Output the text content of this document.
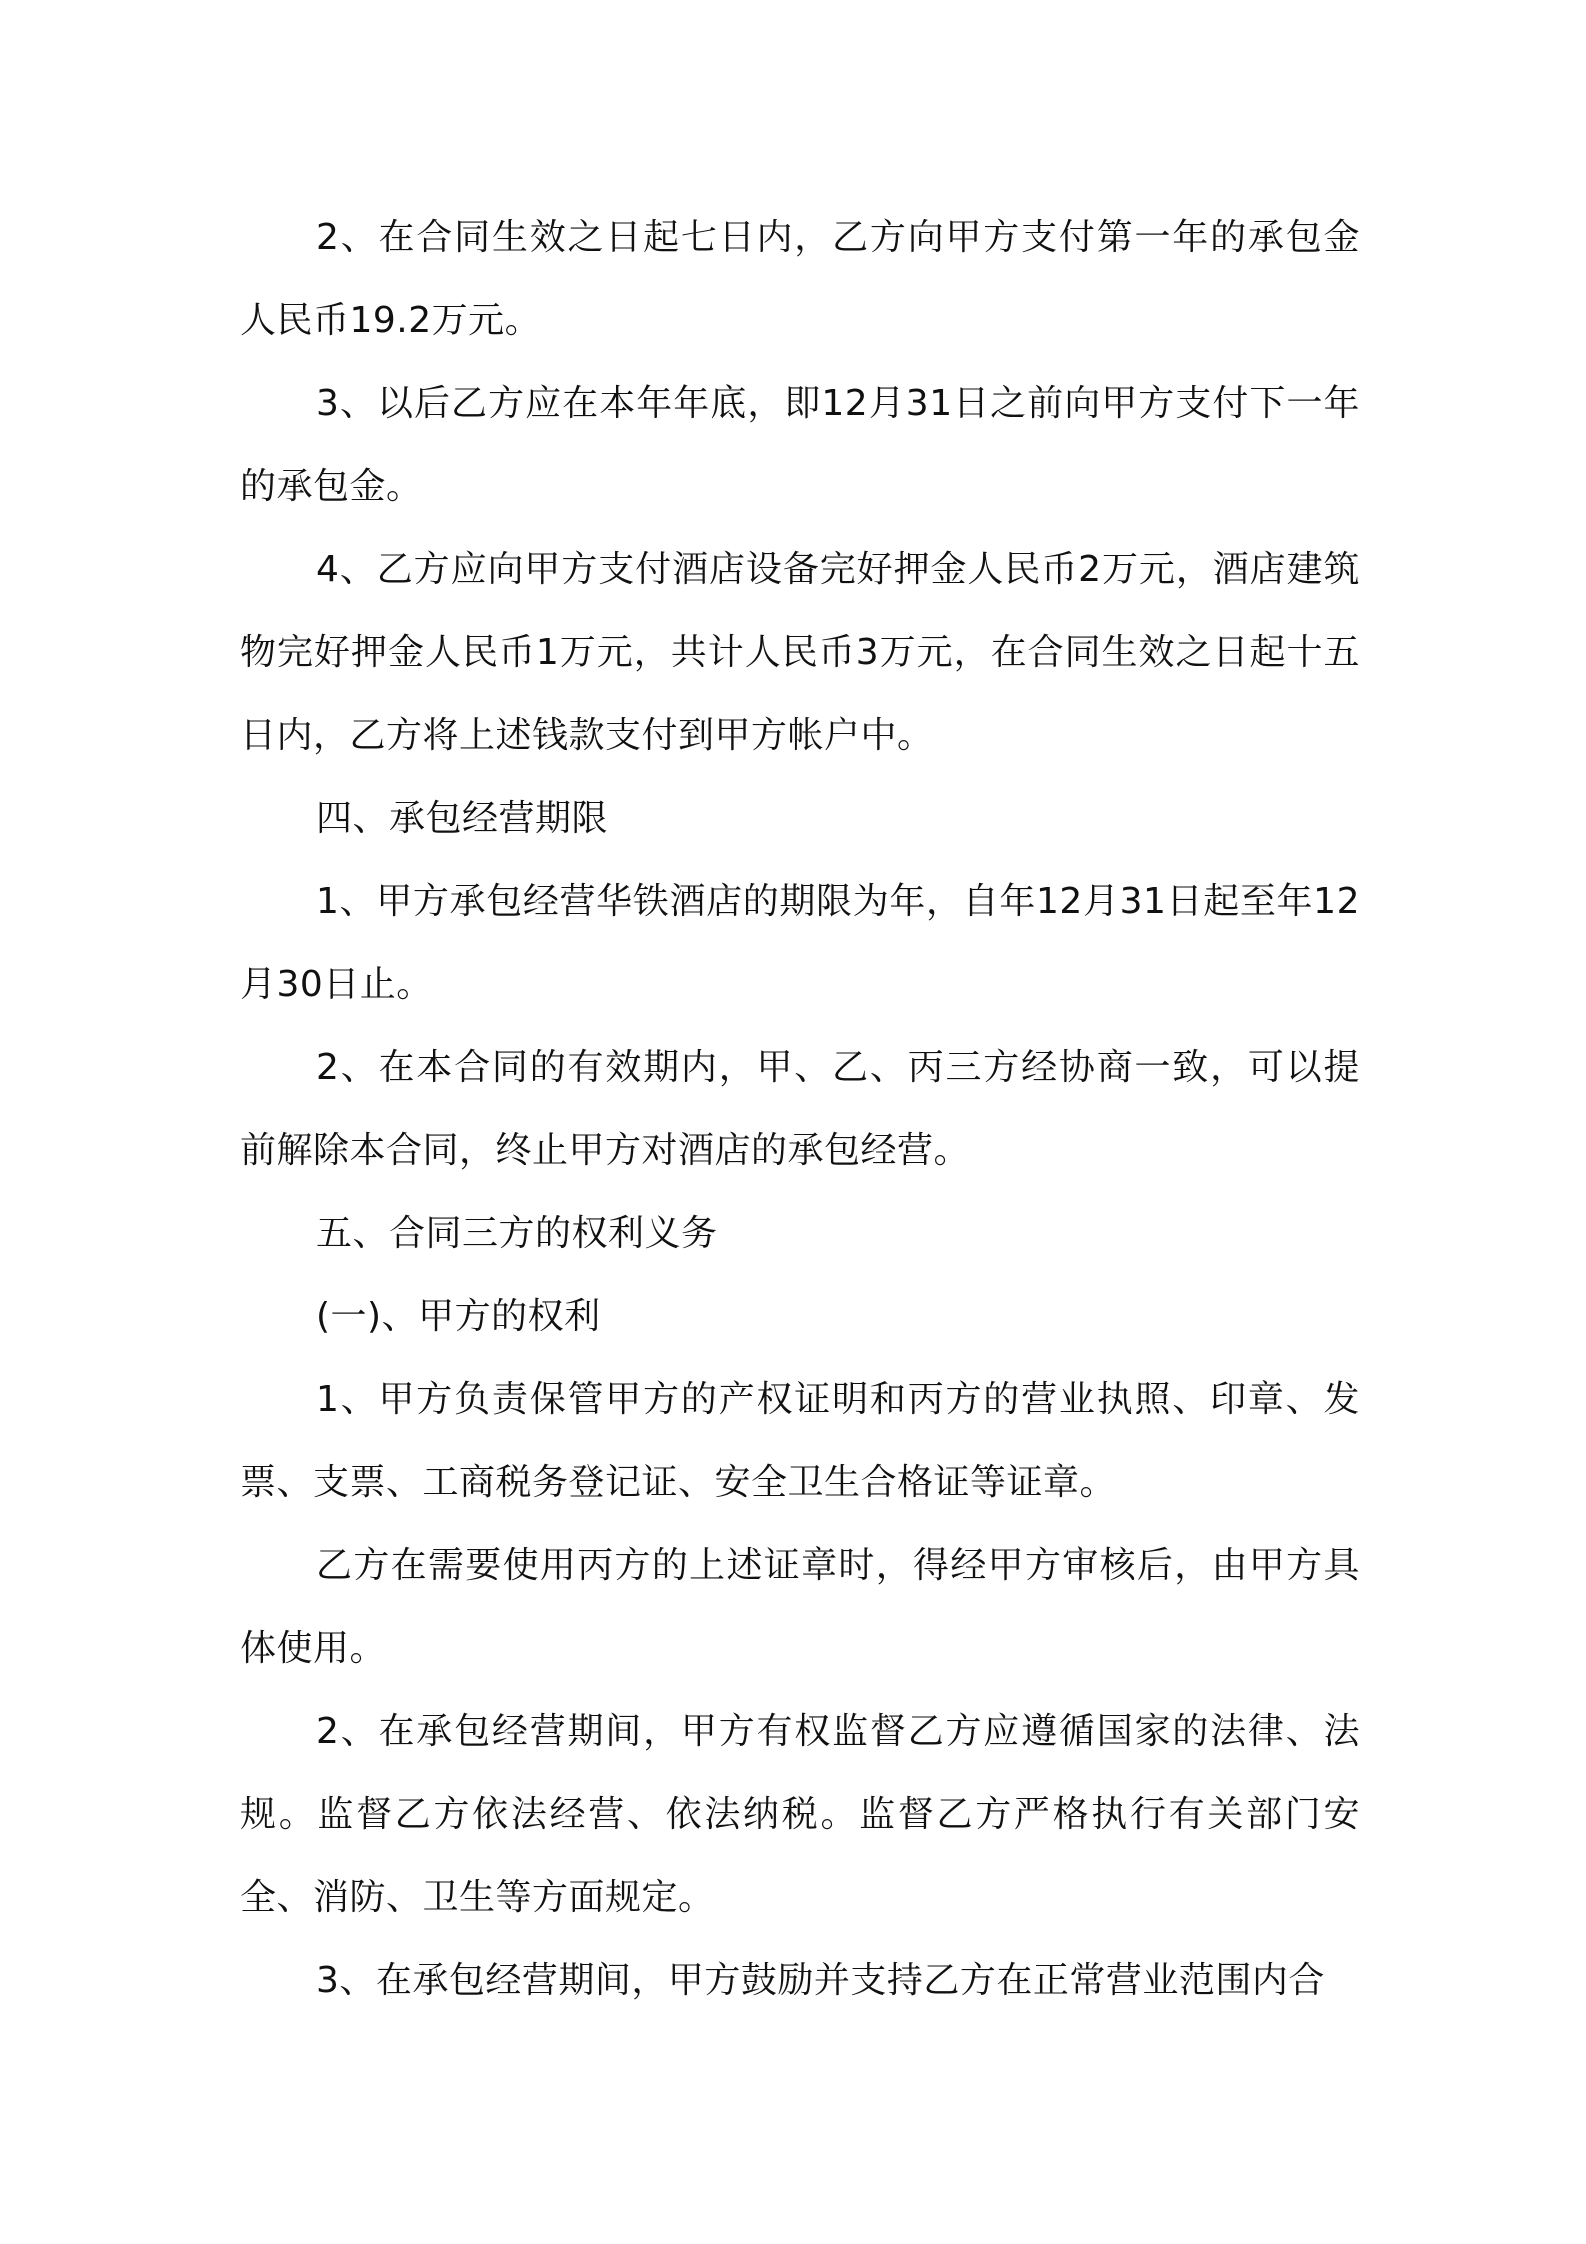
2、在合同生效之日起七日内，乙方向甲方支付第一年的承包金人民币19.2万元。

3、以后乙方应在本年年底，即12月31日之前向甲方支付下一年的承包金。

4、乙方应向甲方支付酒店设备完好押金人民币2万元，酒店建筑物完好押金人民币1万元，共计人民币3万元，在合同生效之日起十五日内，乙方将上述钱款支付到甲方帐户中。

四、承包经营期限

1、甲方承包经营华铁酒店的期限为年，自年12月31日起至年12月30日止。

2、在本合同的有效期内，甲、乙、丙三方经协商一致，可以提前解除本合同，终止甲方对酒店的承包经营。

五、合同三方的权利义务

(一)、甲方的权利

1、甲方负责保管甲方的产权证明和丙方的营业执照、印章、发票、支票、工商税务登记证、安全卫生合格证等证章。

乙方在需要使用丙方的上述证章时，得经甲方审核后，由甲方具体使用。

2、在承包经营期间，甲方有权监督乙方应遵循国家的法律、法规。监督乙方依法经营、依法纳税。监督乙方严格执行有关部门安全、消防、卫生等方面规定。

3、在承包经营期间，甲方鼓励并支持乙方在正常营业范围内合
